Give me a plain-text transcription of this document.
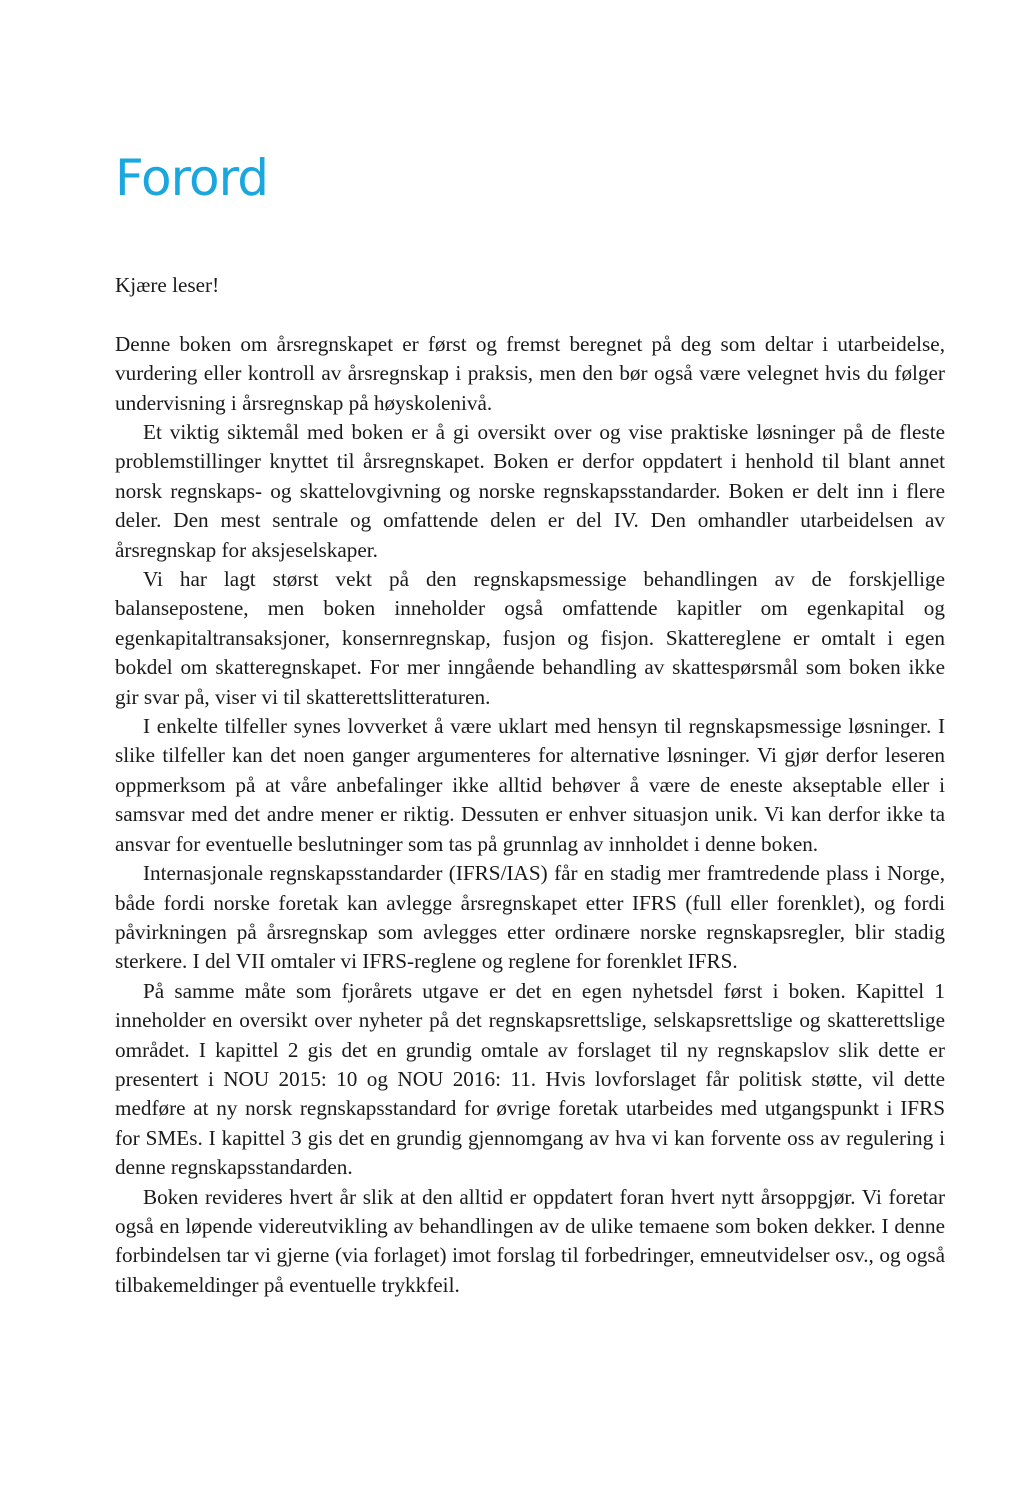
Forord

Kjære leser!

Denne boken om årsregnskapet er først og fremst beregnet på deg som deltar i utarbeidelse, vurdering eller kontroll av årsregnskap i praksis, men den bør også være velegnet hvis du følger undervisning i årsregnskap på høyskolenivå.

Et viktig siktemål med boken er å gi oversikt over og vise praktiske løsninger på de fleste problemstillinger knyttet til årsregnskapet. Boken er derfor oppdatert i henhold til blant annet norsk regnskaps- og skattelovgivning og norske regnskapsstandarder. Boken er delt inn i flere deler. Den mest sentrale og omfattende delen er del IV. Den omhandler utarbeidelsen av årsregnskap for aksjeselskaper.

Vi har lagt størst vekt på den regnskapsmessige behandlingen av de forskjellige balansepostene, men boken inneholder også omfattende kapitler om egenkapital og egenkapitaltransaksjoner, konsernregnskap, fusjon og fisjon. Skattereglene er omtalt i egen bokdel om skatteregnskapet. For mer inngående behandling av skattespørsmål som boken ikke gir svar på, viser vi til skatterettslitteraturen.

I enkelte tilfeller synes lovverket å være uklart med hensyn til regnskapsmessige løsninger. I slike tilfeller kan det noen ganger argumenteres for alternative løsninger. Vi gjør derfor leseren oppmerksom på at våre anbefalinger ikke alltid behøver å være de eneste akseptable eller i samsvar med det andre mener er riktig. Dessuten er enhver situasjon unik. Vi kan derfor ikke ta ansvar for eventuelle beslutninger som tas på grunnlag av innholdet i denne boken.

Internasjonale regnskapsstandarder (IFRS/IAS) får en stadig mer framtredende plass i Norge, både fordi norske foretak kan avlegge årsregnskapet etter IFRS (full eller forenklet), og fordi påvirkningen på årsregnskap som avlegges etter ordinære norske regnskapsregler, blir stadig sterkere. I del VII omtaler vi IFRS-reglene og reglene for forenklet IFRS.

På samme måte som fjorårets utgave er det en egen nyhetsdel først i boken. Kapittel 1 inneholder en oversikt over nyheter på det regnskapsrettslige, selskapsrettslige og skatterettslige området. I kapittel 2 gis det en grundig omtale av forslaget til ny regnskapslov slik dette er presentert i NOU 2015: 10 og NOU 2016: 11. Hvis lovforslaget får politisk støtte, vil dette medføre at ny norsk regnskapsstandard for øvrige foretak utarbeides med utgangspunkt i IFRS for SMEs. I kapittel 3 gis det en grundig gjennomgang av hva vi kan forvente oss av regulering i denne regnskapsstandarden.

Boken revideres hvert år slik at den alltid er oppdatert foran hvert nytt årsoppgjør. Vi foretar også en løpende videreutvikling av behandlingen av de ulike temaene som boken dekker. I denne forbindelsen tar vi gjerne (via forlaget) imot forslag til forbedringer, emneutvidelser osv., og også tilbakemeldinger på eventuelle trykkfeil.
